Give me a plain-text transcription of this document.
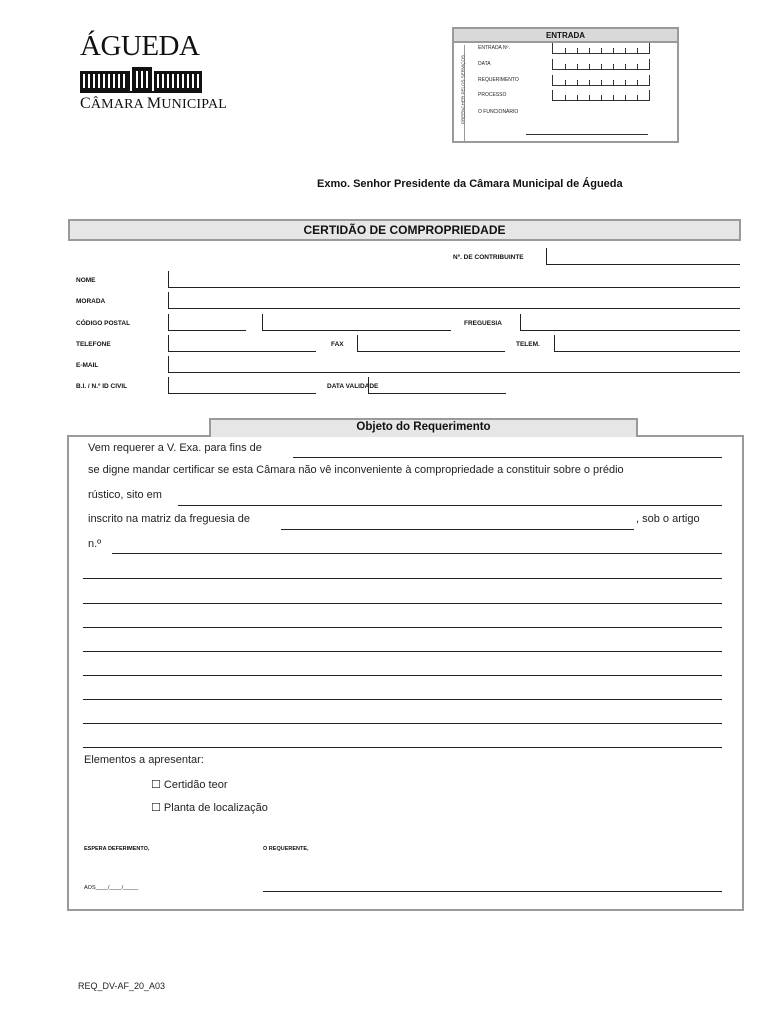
ÁGUEDA
CÂMARA MUNICIPAL
ENTRADA
PREENCHER PELOS SERVIÇOS
ENTRADA Nº.
DATA
REQUERIMENTO
PROCESSO
O FUNCIONÁRIO
Exmo. Senhor Presidente da Câmara Municipal de Águeda
CERTIDÃO DE COMPROPRIEDADE
Nº. DE CONTRIBUINTE
NOME
MORADA
CÓDIGO POSTAL	FREGUESIA
TELEFONE	FAX	TELEM.
E-MAIL
B.I. / N.º ID CIVIL	DATA VALIDADE
Objeto do Requerimento
Vem requerer a V. Exa. para fins de
se digne mandar certificar se esta Câmara não vê inconveniente à compropriedade a constituir sobre o prédio
rústico, sito em
inscrito na matriz da freguesia de	, sob o artigo
n.º
Elementos a apresentar:
☐ Certidão teor
☐ Planta de localização
ESPERA DEFERIMENTO,	O REQUERENTE,
AOS____/____/_____
REQ_DV-AF_20_A03
